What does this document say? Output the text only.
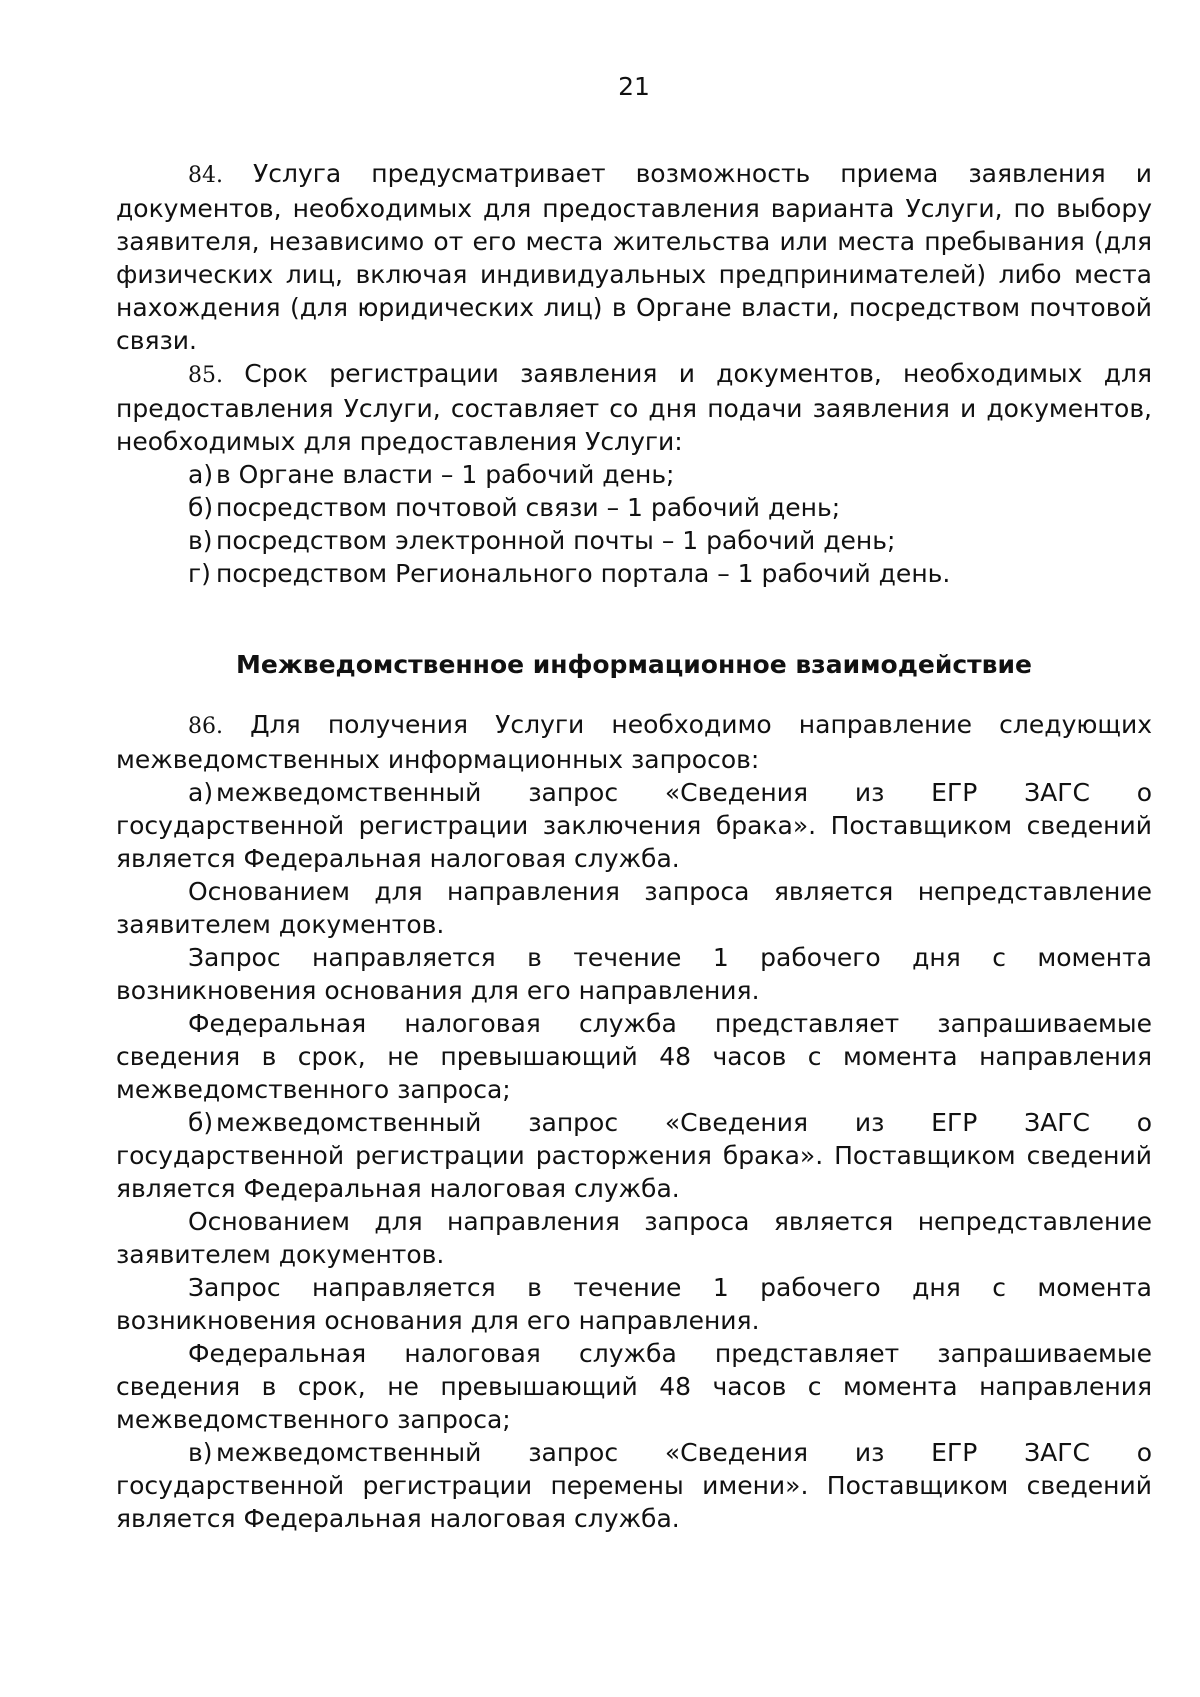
21

84. Услуга предусматривает возможность приема заявления и документов, необходимых для предоставления варианта Услуги, по выбору заявителя, независимо от его места жительства или места пребывания (для физических лиц, включая индивидуальных предпринимателей) либо места нахождения (для юридических лиц) в Органе власти, посредством почтовой связи.

85. Срок регистрации заявления и документов, необходимых для предоставления Услуги, составляет со дня подачи заявления и документов, необходимых для предоставления Услуги:

а) в Органе власти – 1 рабочий день;

б) посредством почтовой связи – 1 рабочий день;

в) посредством электронной почты – 1 рабочий день;

г) посредством Регионального портала – 1 рабочий день.

Межведомственное информационное взаимодействие

86. Для получения Услуги необходимо направление следующих межведомственных информационных запросов:

а) межведомственный запрос «Сведения из ЕГР ЗАГС о государственной регистрации заключения брака». Поставщиком сведений является Федеральная налоговая служба.

Основанием для направления запроса является непредставление заявителем документов.

Запрос направляется в течение 1 рабочего дня с момента возникновения основания для его направления.

Федеральная налоговая служба представляет запрашиваемые сведения в срок, не превышающий 48 часов с момента направления межведомственного запроса;

б) межведомственный запрос «Сведения из ЕГР ЗАГС о государственной регистрации расторжения брака». Поставщиком сведений является Федеральная налоговая служба.

Основанием для направления запроса является непредставление заявителем документов.

Запрос направляется в течение 1 рабочего дня с момента возникновения основания для его направления.

Федеральная налоговая служба представляет запрашиваемые сведения в срок, не превышающий 48 часов с момента направления межведомственного запроса;

в) межведомственный запрос «Сведения из ЕГР ЗАГС о государственной регистрации перемены имени». Поставщиком сведений является Федеральная налоговая служба.
